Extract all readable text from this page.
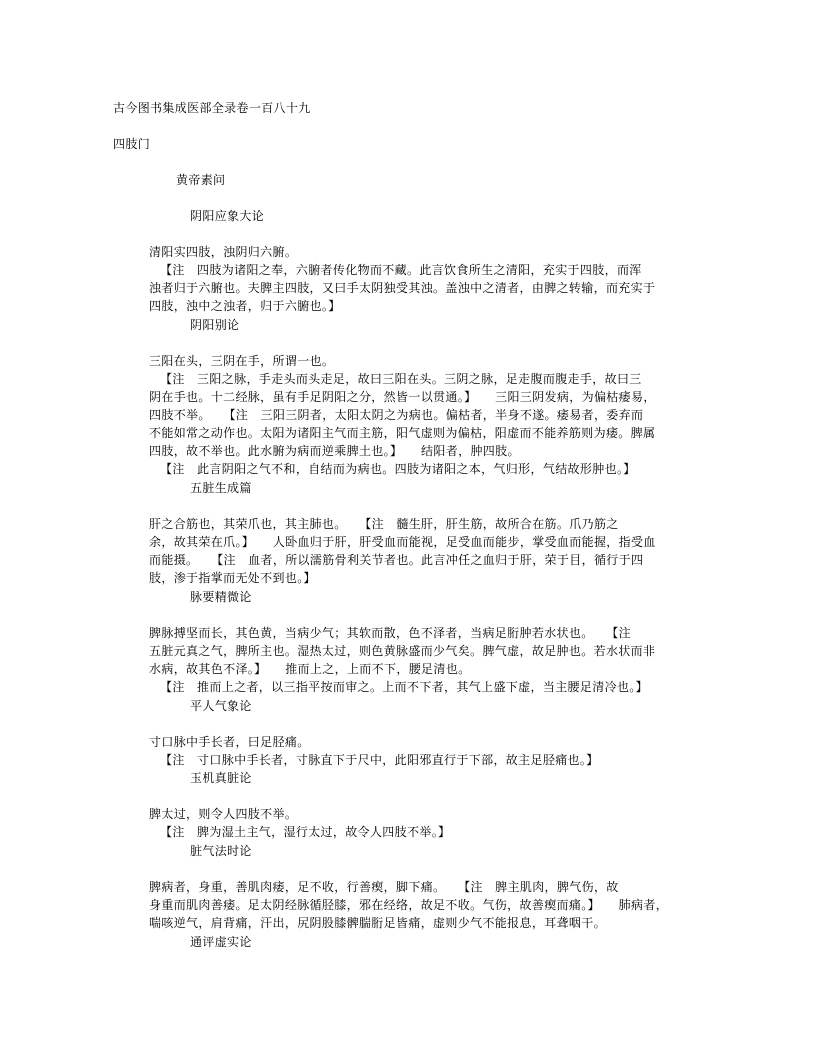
古今图书集成医部全录卷一百八十九
四肢门
黄帝素问
阴阳应象大论
清阳实四肢，浊阴归六腑。
【注　四肢为诸阳之奉，六腑者传化物而不藏。此言饮食所生之清阳，充实于四肢，而浑
浊者归于六腑也。夫脾主四肢，又曰手太阴独受其浊。盖浊中之清者，由脾之转输，而充实于
四肢，浊中之浊者，归于六腑也。】
阴阳别论
三阳在头，三阴在手，所谓一也。
【注　三阳之脉，手走头而头走足，故曰三阳在头。三阴之脉，足走腹而腹走手，故曰三
阴在手也。十二经脉，虽有手足阴阳之分，然皆一以贯通。】　　三阳三阴发病，为偏枯痿易，
四肢不举。　　【注　三阳三阴者，太阳太阴之为病也。偏枯者，半身不遂。痿易者，委弃而
不能如常之动作也。太阳为诸阳主气而主筋，阳气虚则为偏枯，阳虚而不能养筋则为痿。脾属
四肢，故不举也。此水腑为病而逆乘脾土也。】　　结阳者，肿四肢。
【注　此言阴阳之气不和，自结而为病也。四肢为诸阳之本，气归形，气结故形肿也。】
五脏生成篇
肝之合筋也，其荣爪也，其主肺也。　　【注　髓生肝，肝生筋，故所合在筋。爪乃筋之
余，故其荣在爪。】　　人卧血归于肝，肝受血而能视，足受血而能步，掌受血而能握，指受血
而能摄。　　【注　血者，所以濡筋骨利关节者也。此言冲任之血归于肝，荣于目，循行于四
肢，渗于指掌而无处不到也。】
脉要精微论
脾脉搏坚而长，其色黄，当病少气；其软而散，色不泽者，当病足胻肿若水状也。　　【注
五脏元真之气，脾所主也。湿热太过，则色黄脉盛而少气矣。脾气虚，故足肿也。若水状而非
水病，故其色不泽。】　　推而上之，上而不下，腰足清也。
【注　推而上之者，以三指平按而审之。上而不下者，其气上盛下虚，当主腰足清冷也。】
平人气象论
寸口脉中手长者，曰足胫痛。
【注　寸口脉中手长者，寸脉直下于尺中，此阳邪直行于下部，故主足胫痛也。】
玉机真脏论
脾太过，则令人四肢不举。
【注　脾为湿土主气，湿行太过，故令人四肢不举。】
脏气法时论
脾病者，身重，善肌肉痿，足不收，行善瘈，脚下痛。　　【注　脾主肌肉，脾气伤，故
身重而肌肉善痿。足太阴经脉循胫膝，邪在经络，故足不收。气伤，故善瘈而痛。】　　肺病者，
喘咳逆气，肩背痛，汗出，尻阴股膝髀腨胻足皆痛，虚则少气不能报息，耳聋咽干。
通评虚实论
